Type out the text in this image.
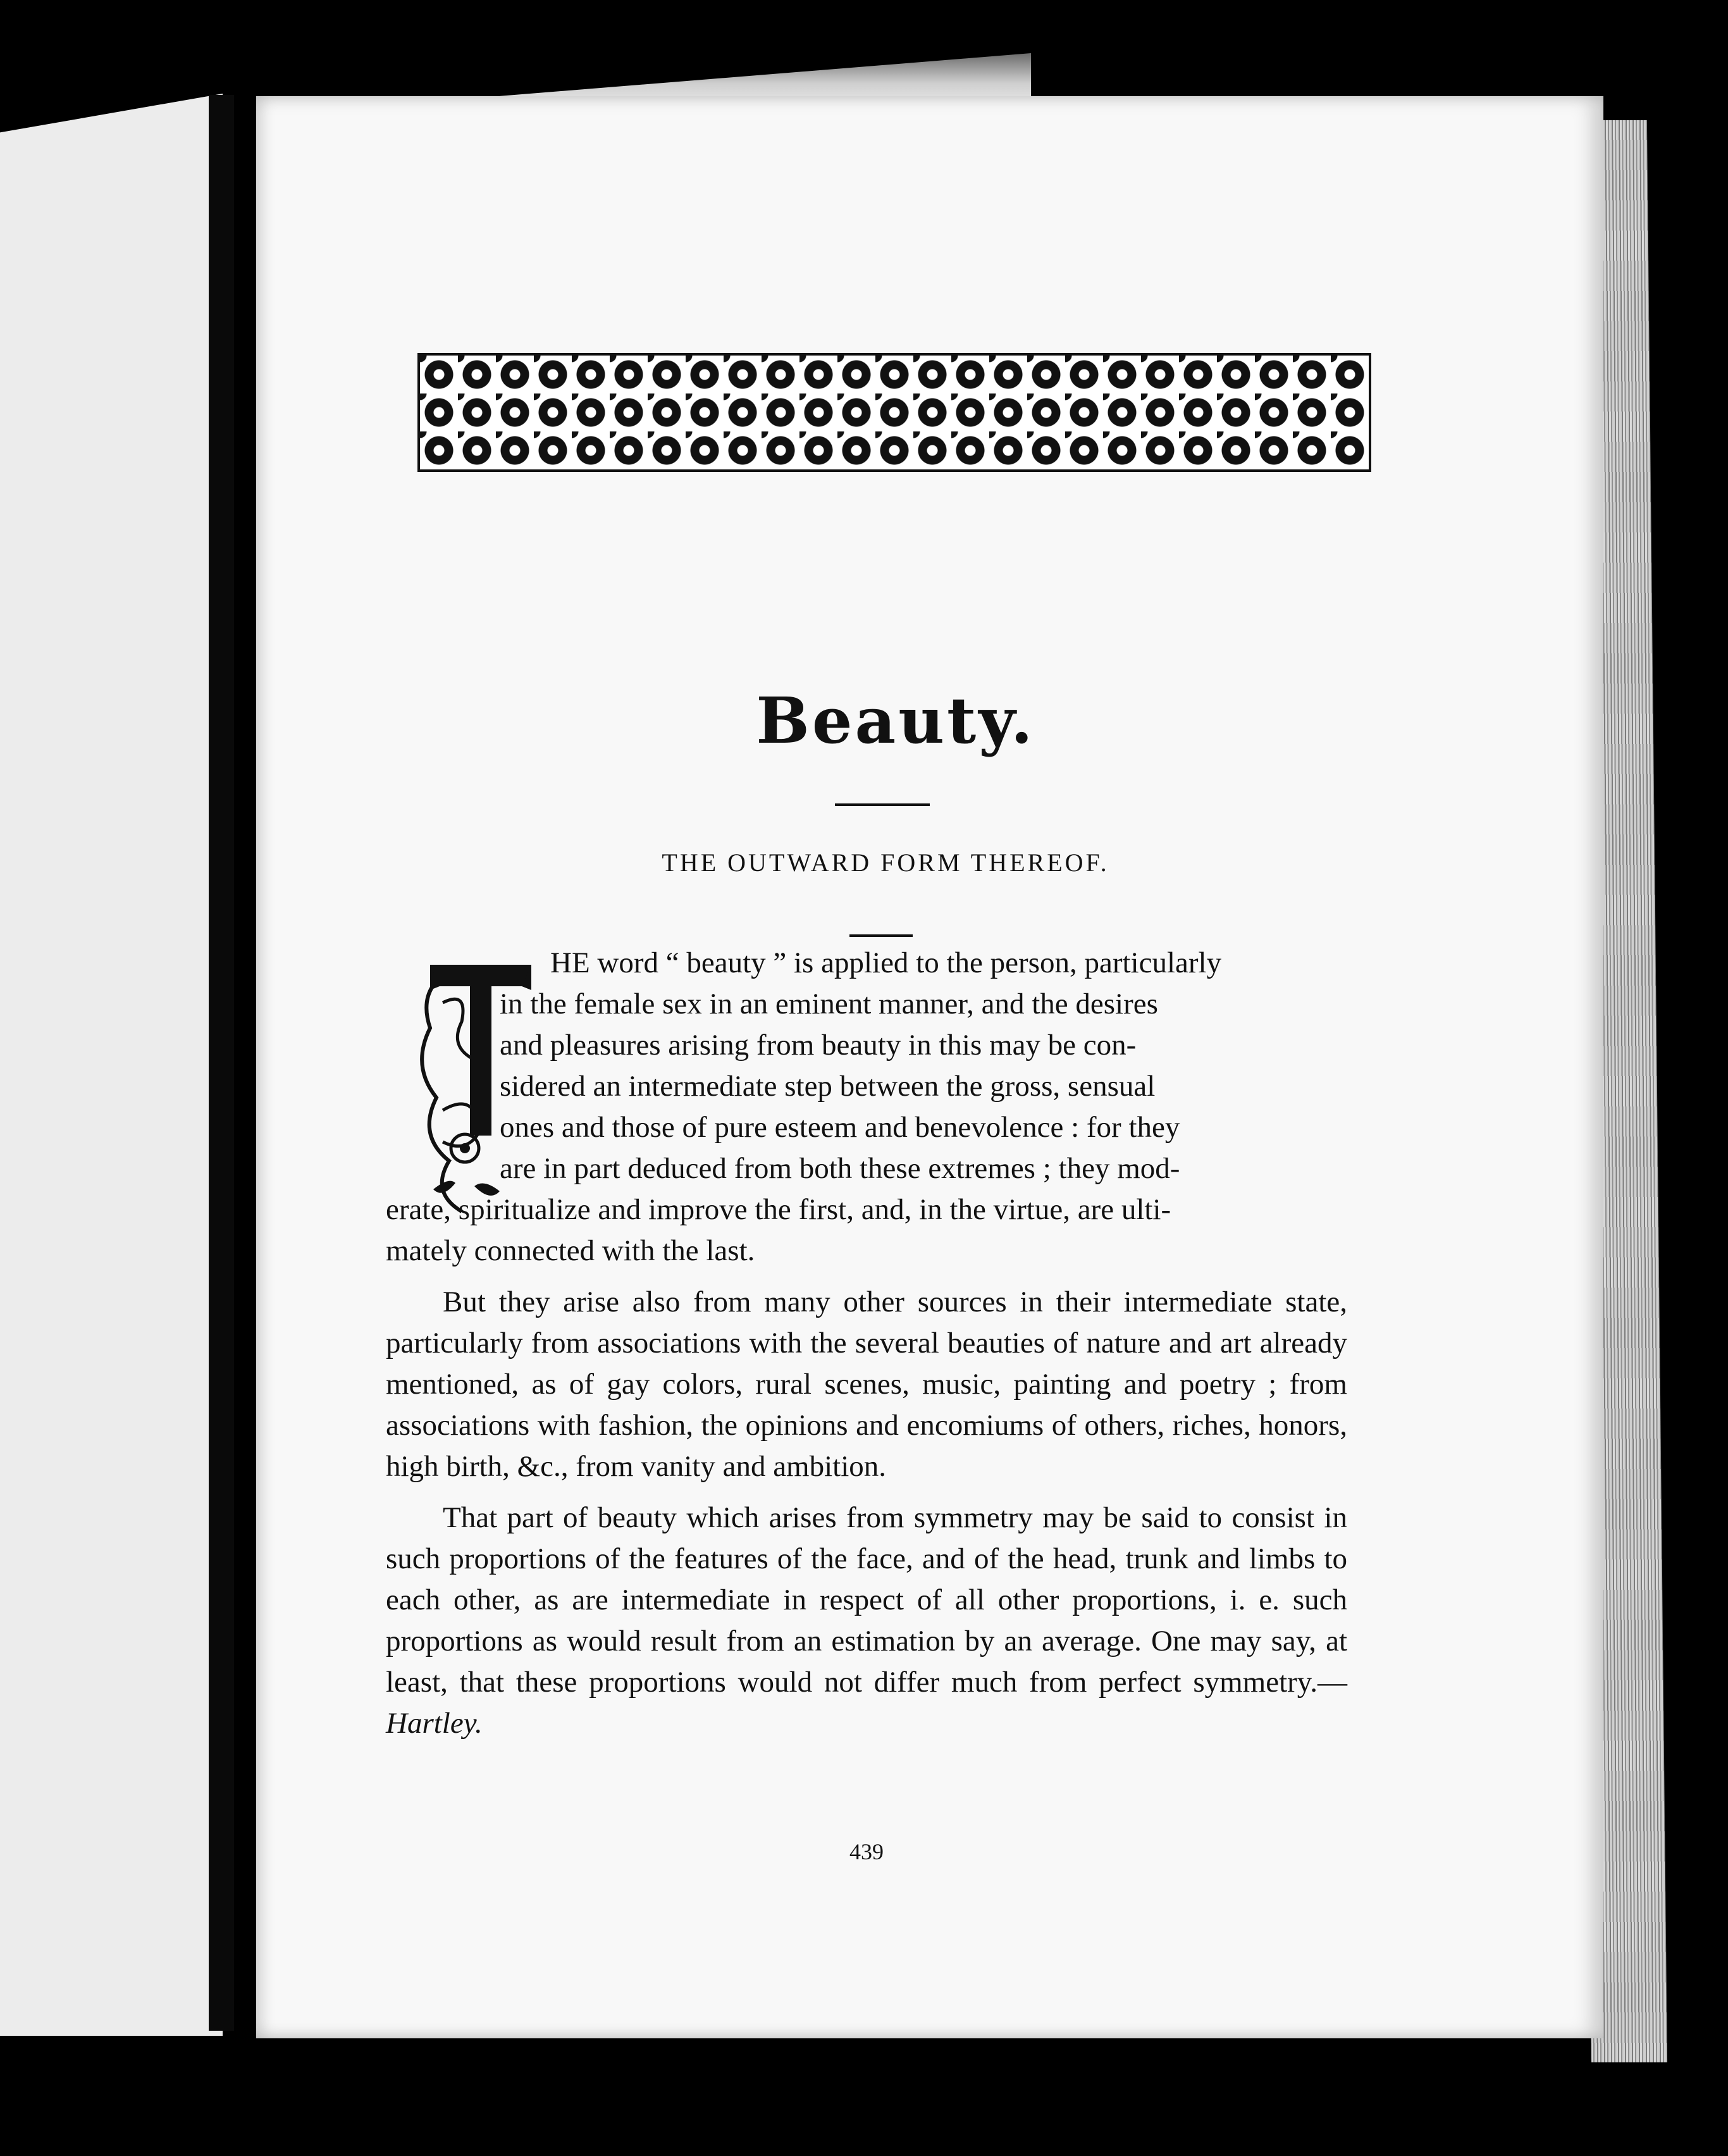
Beauty.
THE OUTWARD FORM THEREOF.
HE word “ beauty ” is applied to the person, particularly
in the female sex in an eminent manner, and the desires
and pleasures arising from beauty in this may be con-
sidered an intermediate step between the gross, sensual
ones and those of pure esteem and benevolence : for they
are in part deduced from both these extremes ; they mod-
erate, spiritualize and improve the first, and, in the virtue, are ulti-
mately connected with the last.

But they arise also from many other sources in their intermediate state, particularly from associations with the several beauties of nature and art already mentioned, as of gay colors, rural scenes, music, painting and poetry ; from associations with fashion, the opinions and encomiums of others, riches, honors, high birth, &c., from vanity and ambition.

That part of beauty which arises from symmetry may be said to consist in such proportions of the features of the face, and of the head, trunk and limbs to each other, as are intermediate in respect of all other proportions, i. e. such proportions as would result from an estimation by an average. One may say, at least, that these proportions would not differ much from perfect symmetry.—Hartley.

439
